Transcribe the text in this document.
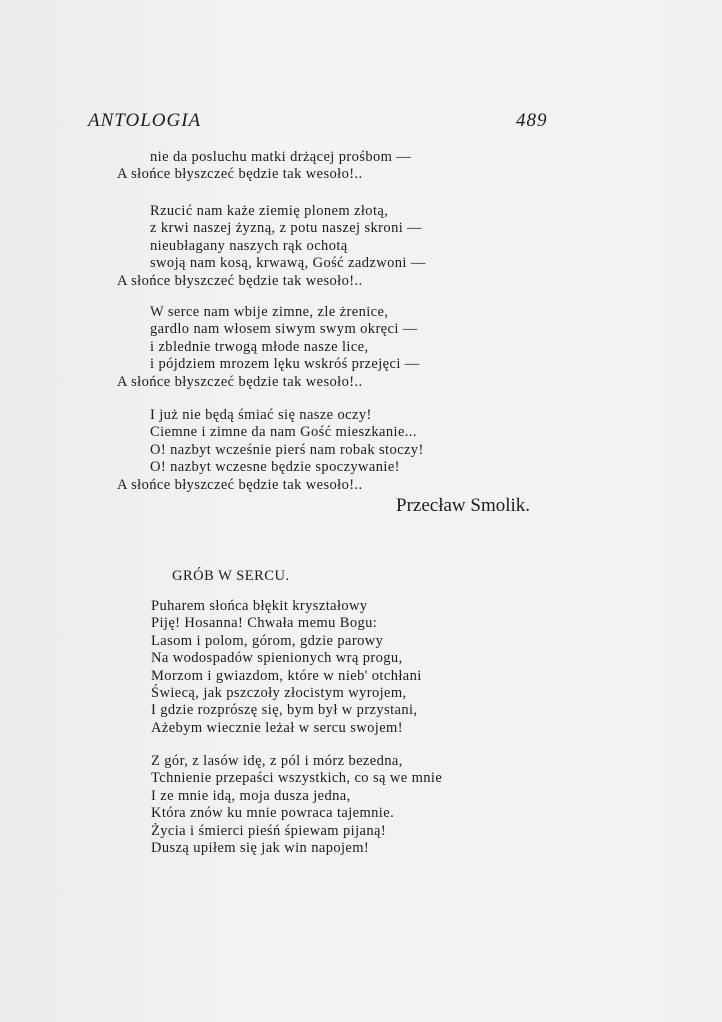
ANTOLOGIA	489
nie da posluchu matki drżącej prośbom —
A słońce błyszczeć będzie tak wesoło!..
Rzucić nam każe ziemię plonem złotą,
z krwi naszej żyzną, z potu naszej skroni —
nieubłagany naszych rąk ochotą
swoją nam kosą, krwawą, Gość zadzwoni —
A słońce błyszczeć będzie tak wesoło!..
W serce nam wbije zimne, zle żrenice,
gardlo nam włosem siwym swym okręci —
i zblednie trwogą młode nasze lice,
i pójdziem mrozem lęku wskróś przejęci —
A słońce błyszczeć będzie tak wesoło!..
I już nie będą śmiać się nasze oczy!
Ciemne i zimne da nam Gość mieszkanie...
O! nazbyt wcześnie pierś nam robak stoczy!
O! nazbyt wczesne będzie spoczywanie!
A słońce błyszczeć będzie tak wesoło!..
Przecław Smolik.
GRÓB W SERCU.
Puharem słońca błękit kryształowy
Piję! Hosanna! Chwała memu Bogu:
Lasom i polom, górom, gdzie parowy
Na wodospadów spienionych wrą progu,
Morzom i gwiazdom, które w nieb' otchłani
Świecą, jak pszczoły złocistym wyrojem,
I gdzie rozprószę się, bym był w przystani,
Ażebym wiecznie leżał w sercu swojem!
Z gór, z lasów idę, z pól i mórz bezedna,
Tchnienie przepaści wszystkich, co są we mnie
I ze mnie idą, moja dusza jedna,
Która znów ku mnie powraca tajemnie.
Życia i śmierci pieśń śpiewam pijaną!
Duszą upiłem się jak win napojem!
